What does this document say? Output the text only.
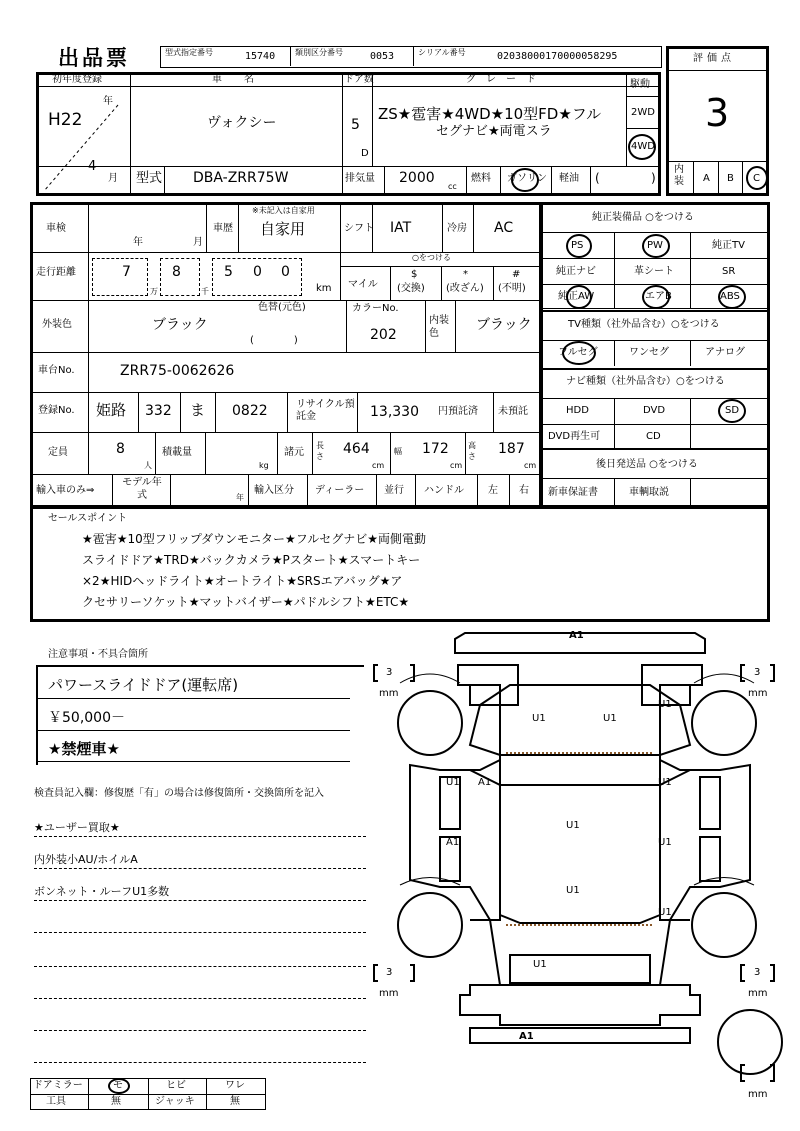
出品票	型式指定番号	15740 類別区分番号	0053	シリアル番号	02038000170000058295
初年度登録
H22
年
4
月
車名
ヴォクシー
ドア数
5
D
グレード
ZS★雹害★4WD★10型FD★フル
セグナビ★両電スラ
駆動
2WD
4WD
型式 DBA-ZRR75W	排気量 2000
cc
燃料 ガソリン 軽油 (	)
評価点
3
内装 A B C
車検
年	月
車歴
※未記入は自家用
自家用	シフト IAT	冷房 AC
走行距離	7
万
8
千
5 0 0
km
○をつける
マイル
$
(交換)
*
(改ざん)
#
(不明)
外装色	ブラック
色替(元色)
(　　　　)
カラーNo.
202
内装色
ブラック
車台No.	ZRR75-0062626
登録No. 姫路 332 ま 0822	リサイクル預託金	13,330 円預託済 未預託
定員	8
人
積載量
kg
諸元
長さ 464
cm
幅 172
cm
高さ 187
cm
輸入車のみ⇒
モデル年式	年
輸入区分 ディーラー 並行 ハンドル 左 右
純正装備品 ○をつける
PS	PW	純正TV
純正ナビ	革シート	SR
純正AW	エアB	ABS
TV種類（社外品含む）○をつける
フルセグ	ワンセグ	アナログ
ナビ種類（社外品含む）○をつける
HDD	DVD	SD
DVD再生可	CD
後日発送品 ○をつける
新車保証書	車輌取説
セールスポイント
★雹害★10型フリップダウンモニター★フルセグナビ★両側電動
スライドドア★TRD★バックカメラ★Pスタート★スマートキー
×2★HIDヘッドライト★オートライト★SRSエアバッグ★ア
クセサリーソケット★マットバイザー★パドルシフト★ETC★
注意事項・不具合箇所
パワースライドドア(運転席)
￥50,000－
★禁煙車★
検査員記入欄：修復歴「有」の場合は修復箇所・交換箇所を記入
★ユーザー買取★
内外装小AU/ホイルA
ボンネット・ルーフU1多数
ドアミラー	モ	ヒビ	ワレ
工具	無	ジャッキ	無
A1
U1	U1
U1
U1 A1	U1
A1
U1
U1
U1
U1
U1
A1
3
mm
3
mm
3
mm
3
mm
mm
